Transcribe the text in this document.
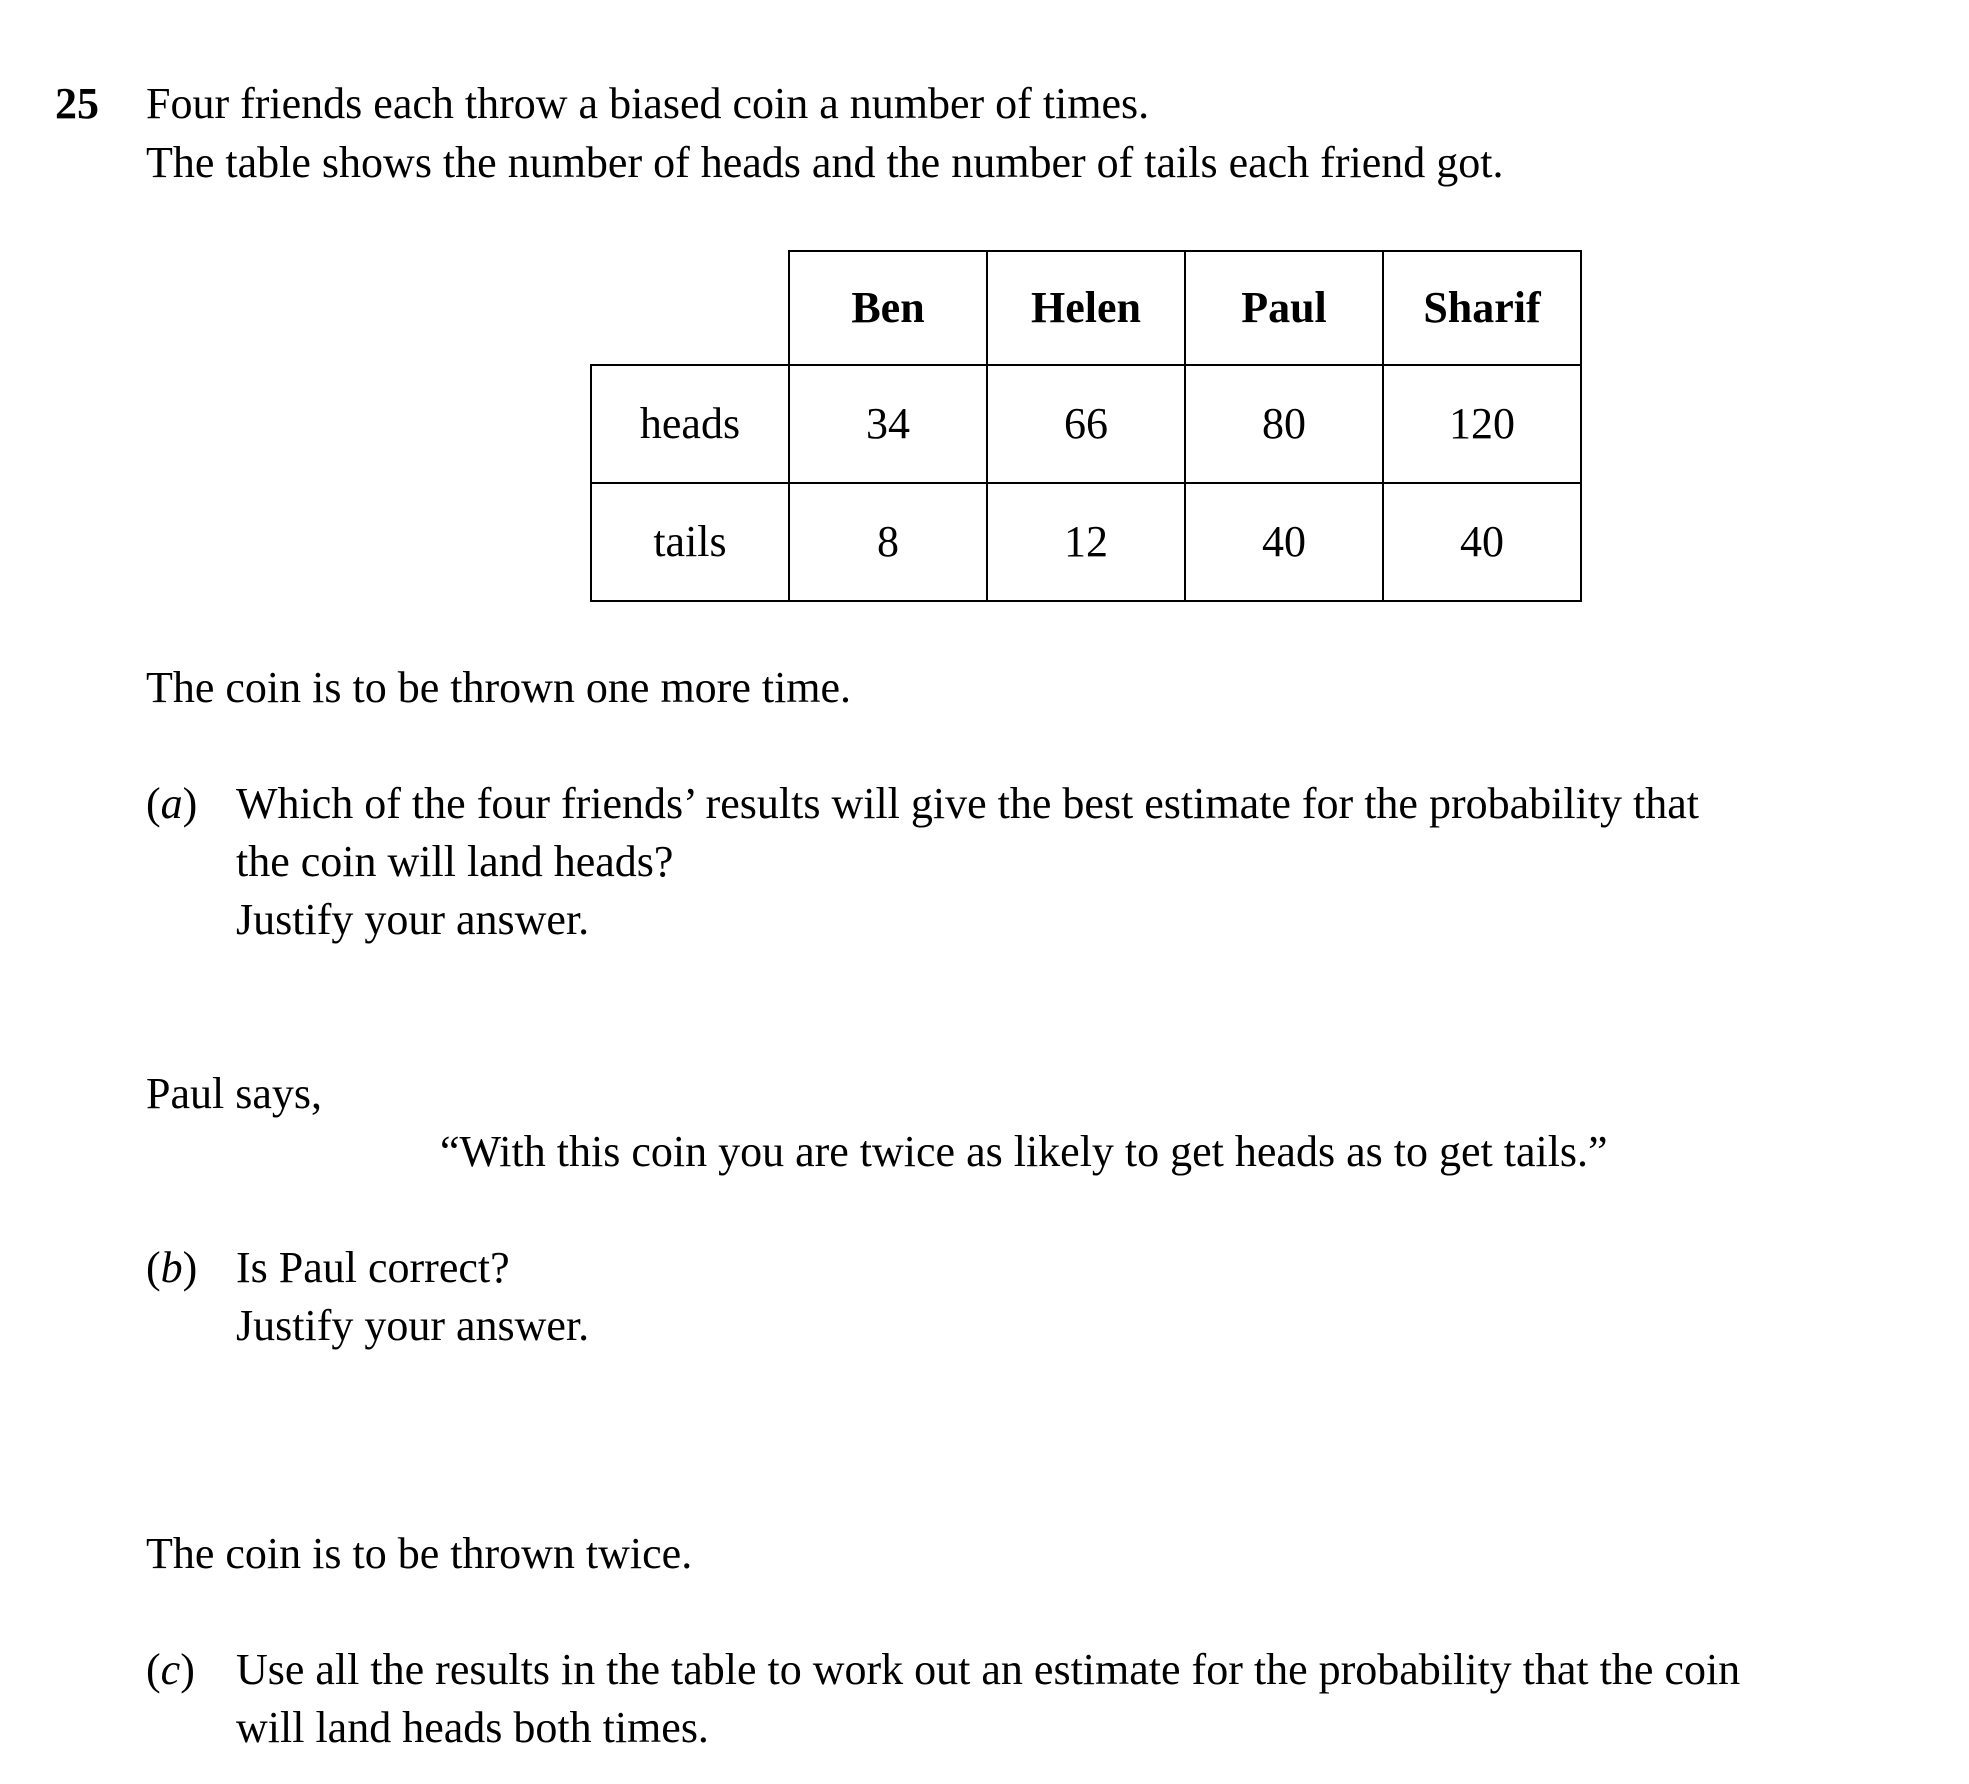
25 Four friends each throw a biased coin a number of times.
The table shows the number of heads and the number of tails each friend got.
	Ben	Helen	Paul	Sharif
heads	34	66	80	120
tails	8	12	40	40
The coin is to be thrown one more time.
(a) Which of the four friends’ results will give the best estimate for the probability that
the coin will land heads?
Justify your answer.
Paul says,
“With this coin you are twice as likely to get heads as to get tails.”
(b) Is Paul correct?
Justify your answer.
The coin is to be thrown twice.
(c) Use all the results in the table to work out an estimate for the probability that the coin
will land heads both times.
